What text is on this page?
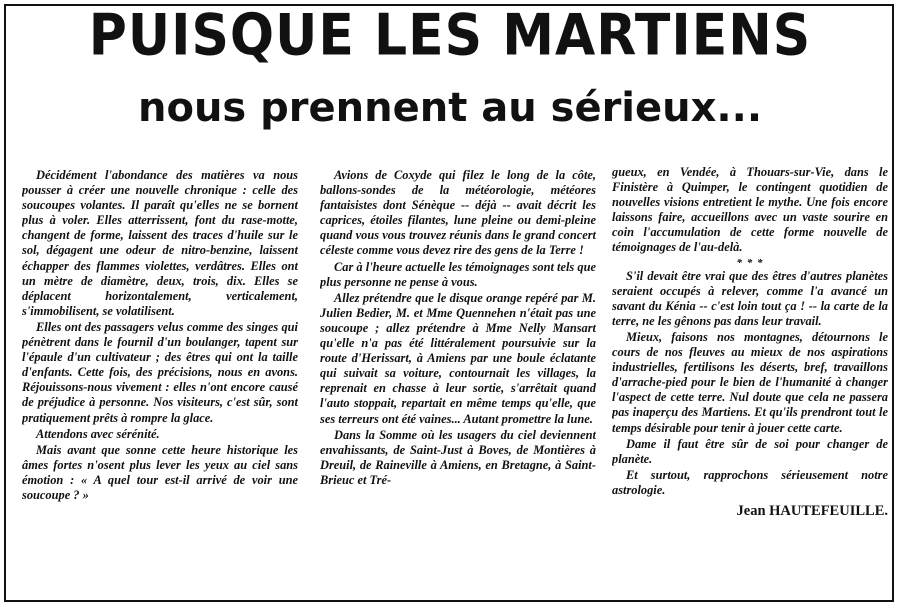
PUISQUE LES MARTIENS
nous prennent au sérieux...

Décidément l'abondance des matières va nous pousser à créer une nouvelle chronique : celle des soucoupes volantes. Il paraît qu'elles ne se bornent plus à voler. Elles atterrissent, font du rase-motte, changent de forme, laissent des traces d'huile sur le sol, dégagent une odeur de nitro-benzine, laissent échapper des flammes violettes, verdâtres. Elles ont un mètre de diamètre, deux, trois, dix. Elles se déplacent horizontalement, verticalement, s'immobilisent, se volatilisent.

Elles ont des passagers velus comme des singes qui pénètrent dans le fournil d'un boulanger, tapent sur l'épaule d'un cultivateur ; des êtres qui ont la taille d'enfants. Cette fois, des précisions, nous en avons. Réjouissons-nous vivement : elles n'ont encore causé de préjudice à personne. Nos visiteurs, c'est sûr, sont pratiquement prêts à rompre la glace.

Attendons avec sérénité.

Mais avant que sonne cette heure historique les âmes fortes n'osent plus lever les yeux au ciel sans émotion : « A quel tour est-il arrivé de voir une soucoupe ? »

Avions de Coxyde qui filez le long de la côte, ballons-sondes de la météorologie, météores fantaisistes dont Sénèque -- déjà -- avait décrit les caprices, étoiles filantes, lune pleine ou demi-pleine quand vous vous trouvez réunis dans le grand concert céleste comme vous devez rire des gens de la Terre !

Car à l'heure actuelle les témoignages sont tels que plus personne ne pense à vous.

Allez prétendre que le disque orange repéré par M. Julien Bedier, M. et Mme Quennehen n'était pas une soucoupe ; allez prétendre à Mme Nelly Mansart qu'elle n'a pas été littéralement poursuivie sur la route d'Herissart, à Amiens par une boule éclatante qui suivait sa voiture, contournait les villages, la reprenait en chasse à leur sortie, s'arrêtait quand l'auto stoppait, repartait en même temps qu'elle, que ses terreurs ont été vaines... Autant promettre la lune.

Dans la Somme où les usagers du ciel deviennent envahissants, de Saint-Just à Boves, de Montières à Dreuil, de Raineville à Amiens, en Bretagne, à Saint-Brieuc et Tré-

gueux, en Vendée, à Thouars-sur-Vie, dans le Finistère à Quimper, le contingent quotidien de nouvelles visions entretient le mythe. Une fois encore laissons faire, accueillons avec un vaste sourire en coin l'accumulation de cette forme nouvelle de témoignages de l'au-delà.

* * *

S'il devait être vrai que des êtres d'autres planètes seraient occupés à relever, comme l'a avancé un savant du Kénia -- c'est loin tout ça ! -- la carte de la terre, ne les gênons pas dans leur travail.

Mieux, faisons nos montagnes, détournons le cours de nos fleuves au mieux de nos aspirations industrielles, fertilisons les déserts, bref, travaillons d'arrache-pied pour le bien de l'humanité à changer l'aspect de cette terre. Nul doute que cela ne passera pas inaperçu des Martiens. Et qu'ils prendront tout le temps désirable pour tenir à jouer cette carte.

Dame il faut être sûr de soi pour changer de planète.

Et surtout, rapprochons sérieusement notre astrologie.

Jean HAUTEFEUILLE.
